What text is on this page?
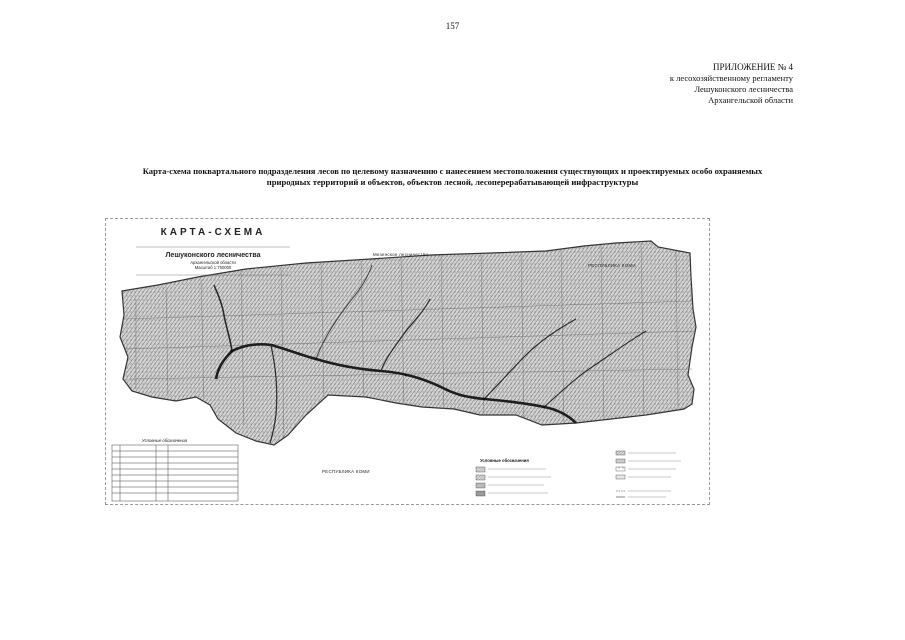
157
ПРИЛОЖЕНИЕ № 4

к лесохозяйственному регламенту
Лешуконского лесничества
Архангельской области
Карта-схема поквартального подразделения лесов по целевому назначению с нанесением местоположения существующих и проектируемых особо охраняемых природных территорий и объектов, объектов лесной, лесоперерабатывающей инфраструктуры

КАРТА-СХЕМА

Лешуконского лесничества
Архангельской области
Масштаб 1:750000
Мезенское лесничество
РЕСПУБЛИКА КОМИ
РЕСПУБЛИКА КОМИ
Условные обозначения
Условные обозначения
